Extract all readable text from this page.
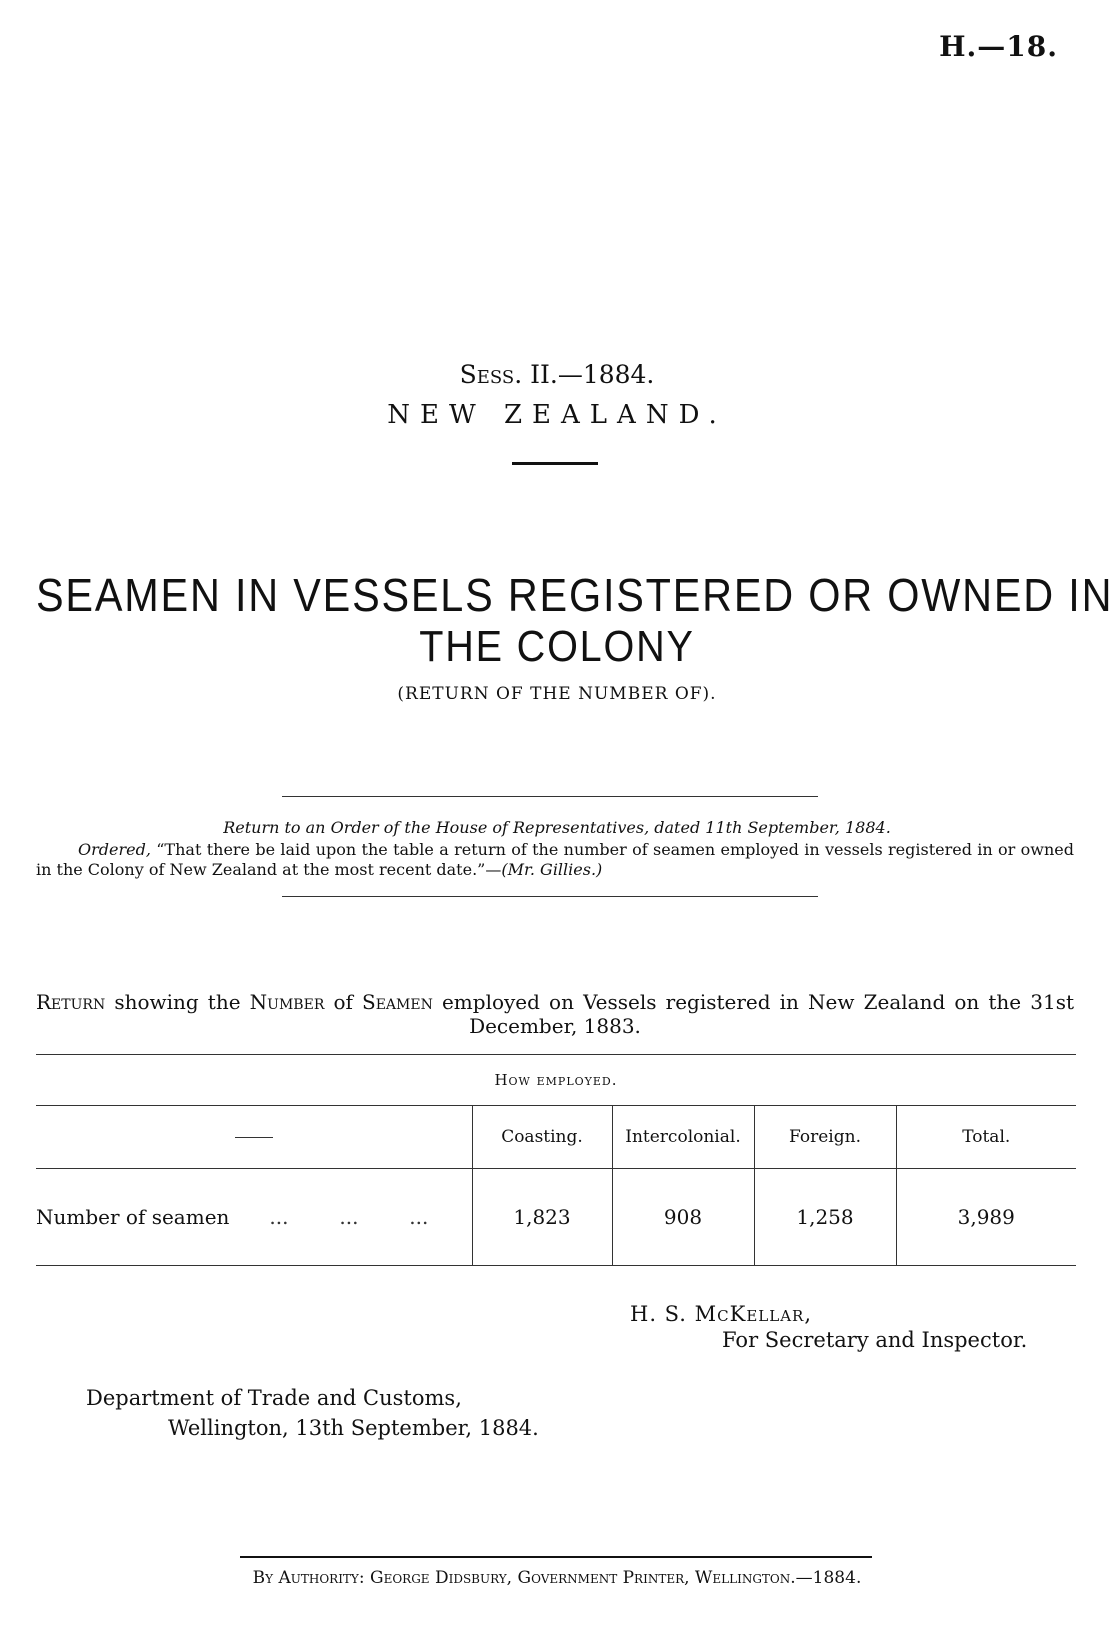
H.—18.
Sess. II.—1884.
NEW ZEALAND.
SEAMEN IN VESSELS REGISTERED OR OWNED IN
THE COLONY
(RETURN OF THE NUMBER OF).
Return to an Order of the House of Representatives, dated 11th September, 1884.
Ordered, “That there be laid upon the table a return of the number of seamen employed in vessels registered in or owned in the Colony of New Zealand at the most recent date.”—(Mr. Gillies.)
Return showing the Number of Seamen employed on Vessels registered in New Zealand on the 31st December, 1883.
How employed.				
	Coasting.	Intercolonial.	Foreign.	Total.
Number of seamen ...        ...        ...	1,823	908	1,258	3,989
H. S. McKellar,
For Secretary and Inspector.
Department of Trade and Customs,
Wellington, 13th September, 1884.
By Authority: George Didsbury, Government Printer, Wellington.—1884.
